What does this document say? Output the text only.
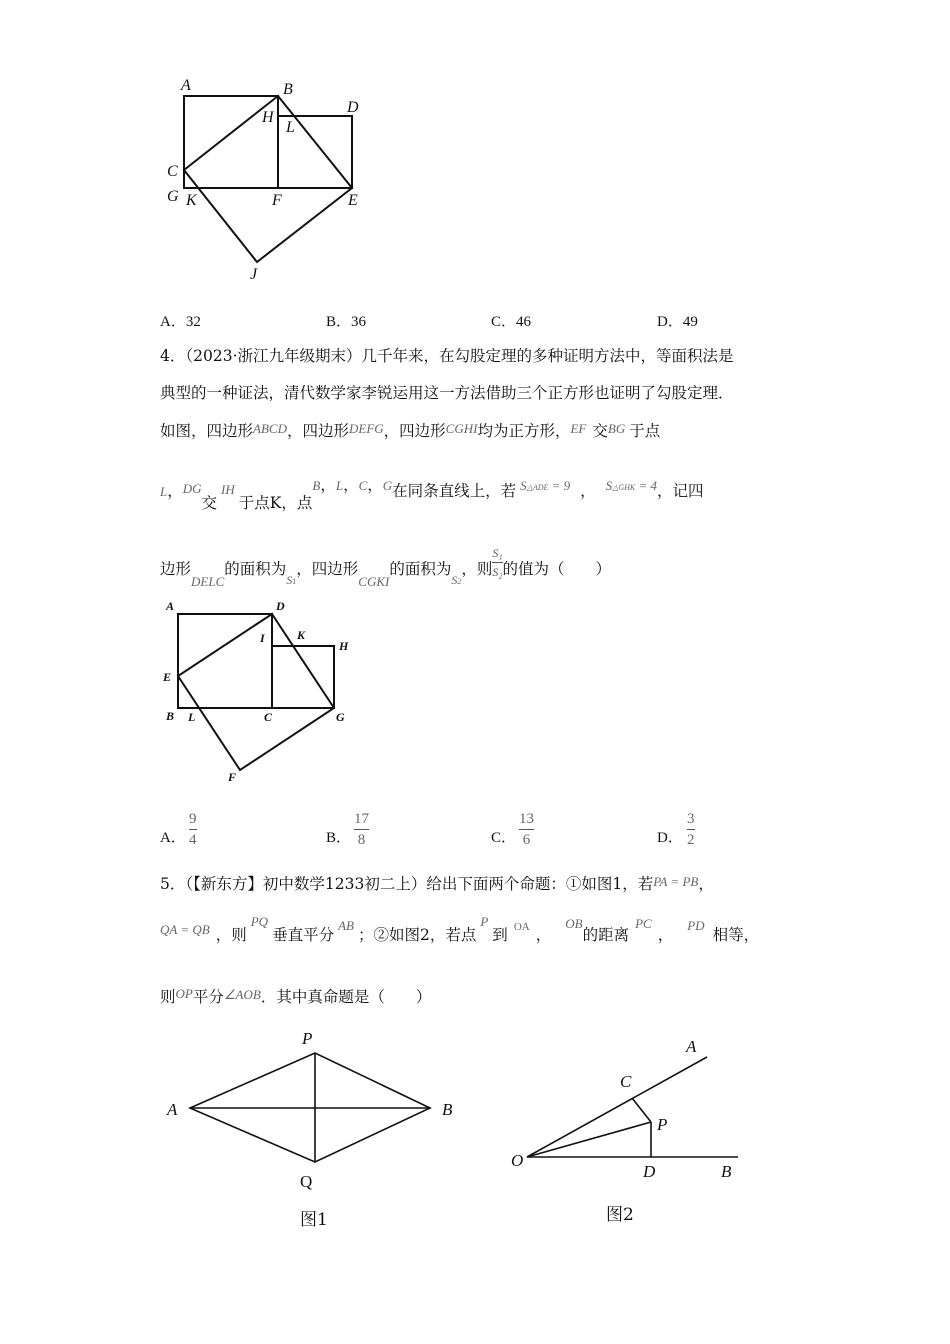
A	B
H
L
D
C
G K	F	E
J
A．32	B．36	C．46	D．49
4．（2023·浙江九年级期末）几千年来，在勾股定理的多种证明方法中，等面积法是
典型的一种证法，清代数学家李锐运用这一方法借助三个正方形也证明了勾股定理．
如图，四边形ABCD，四边形DEFG，四边形CGHI均为正方形，EF 交BG 于点
L，DG交IH于点K，点$^B$，$^L$，$^C$，$^G$在同条直线上，若 $^{S\triangle ADE = 9}$ ， $^{S\triangle GHK = 4}$，记四
边形$_{DELC}$的面积为$_{S1}$，四边形$_{CGKI}$的面积为$_{S2}$，则 $\frac{\text{S₁}}{\text{S₂}}$ 的值为（　　）
A	D
I	K
H
E
B L	C	G
F
A．
9
4	B．
17
8	C．
13
6	D．
3
2
5．（【新东方】初中数学1233初二上）给出下面两个命题：①如图1，若PA = PB，
$^{QA = QB}$ ，则$^{PQ}$垂直平分$^{AB}$；②如图2，若点$^P$到 $^{OA}$ ，$^{OB}$的距离$^{PC}$，$^{PD}$相等，
则$^{OP}$平分∠AOB．其中真命题是（　　）
P
A	B
Q
图1
A
C
P
O
D	B
图2
